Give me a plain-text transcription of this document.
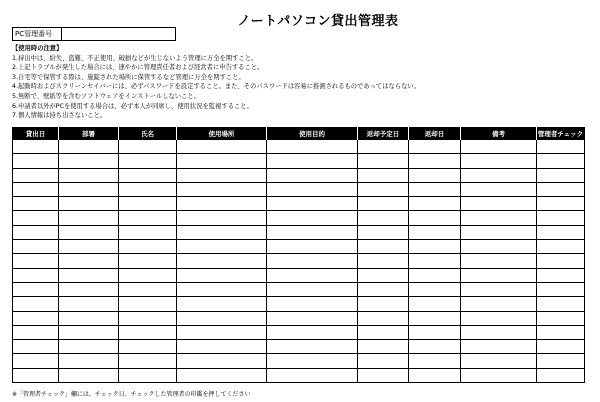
ノートパソコン貸出管理表
PC管理番号
【使用時の注意】
1.持出中は、紛失、盗難、不正使用、破損などが生じないよう管理に万全を期すこと。
2.上記トラブルが発生した場合には、速やかに管理責任者および経営者に申告すること。
3.自宅等で保管する際は、施錠された場所に保管するなど管理に万全を期すこと。
4.起動時およびスクリーンセイバーには、必ずパスワードを設定すること。また、そのパスワードは容易に推測されるものであってはならない。
5.無断で、壁紙等を含むソフトウェアをインストールしないこと。
6.申請者以外がPCを使用する場合は、必ず本人が同席し、使用状況を監視すること。
7.個人情報は持ち出さないこと。
貸出日	部署	氏名	使用場所	使用目的	返却予定日	返却日	備考	管理者チェック

※「管理者チェック」欄には、チェック日、チェックした管理者の印鑑を押してください
